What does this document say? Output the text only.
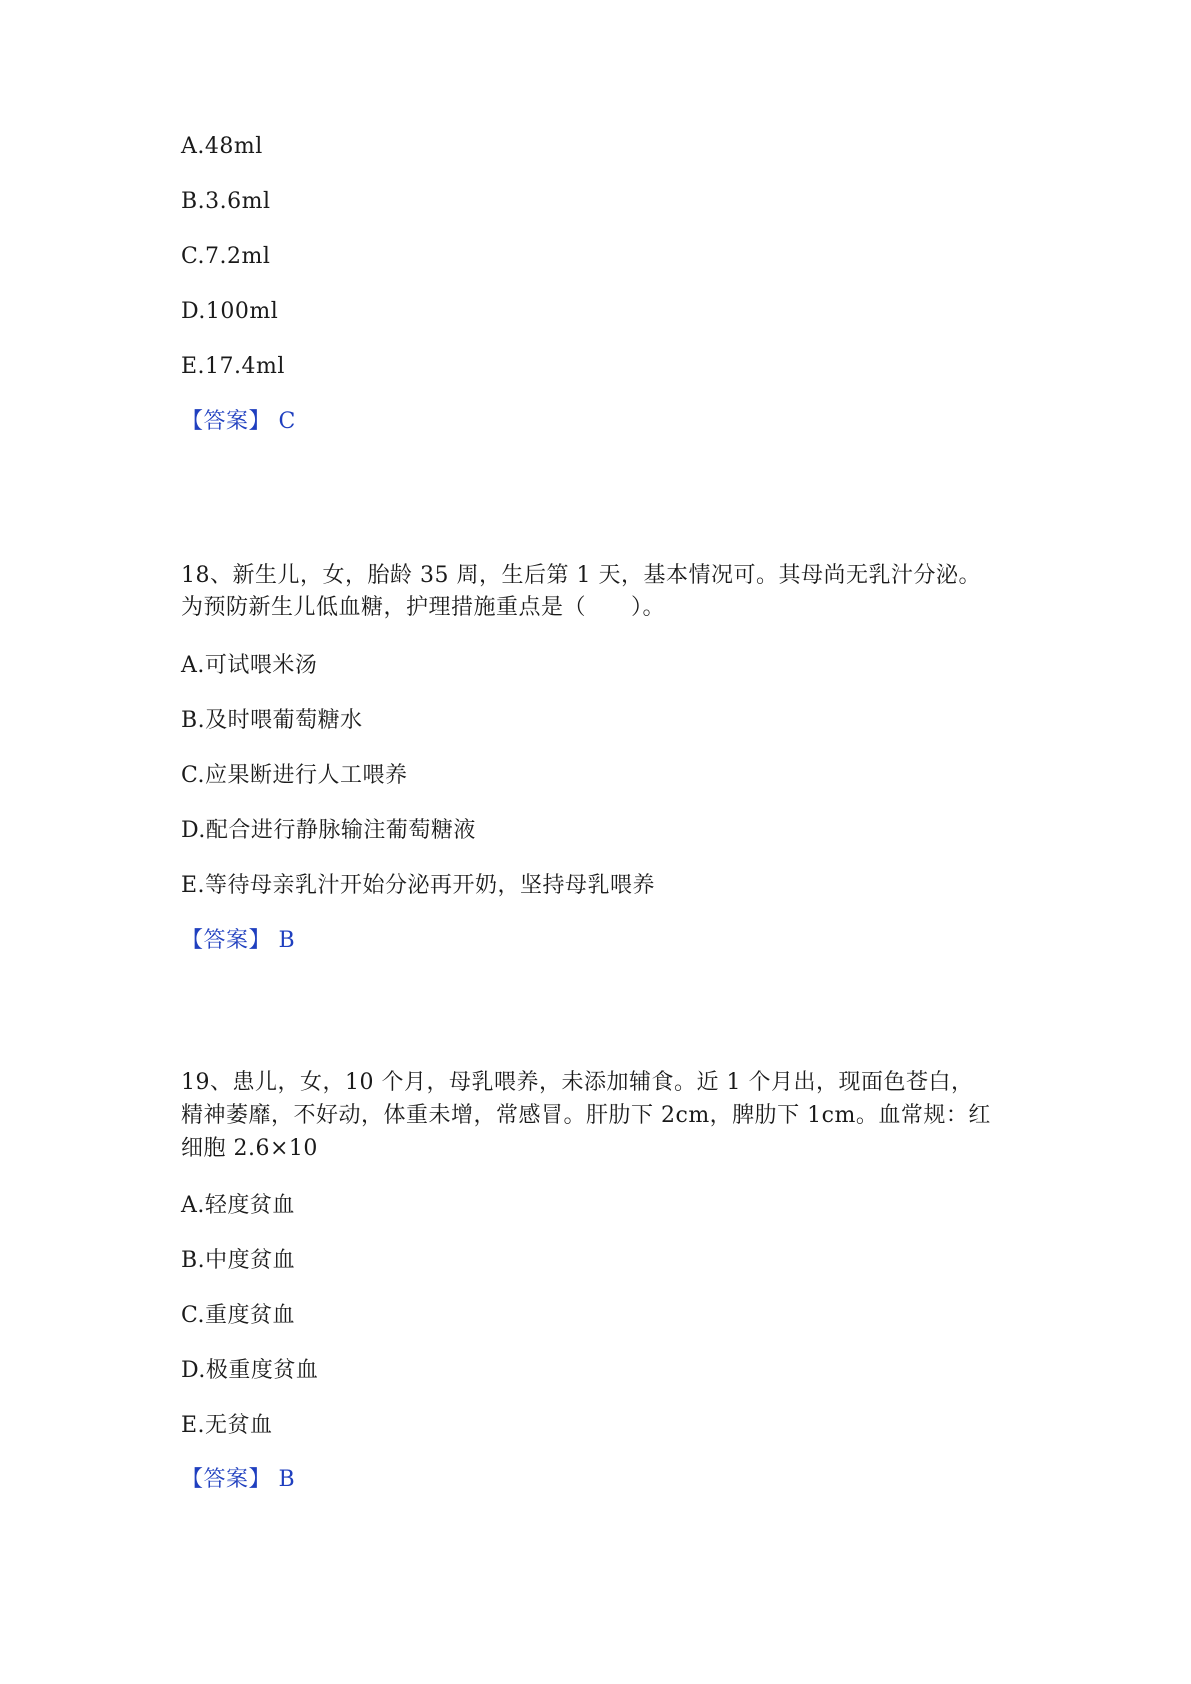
A.48ml
B.3.6ml
C.7.2ml
D.100ml
E.17.4ml
【答案】 C
18、新生儿，女，胎龄 35 周，生后第 1 天，基本情况可。其母尚无乳汁分泌。
为预防新生儿低血糖，护理措施重点是（　　）。
A.可试喂米汤
B.及时喂葡萄糖水
C.应果断进行人工喂养
D.配合进行静脉输注葡萄糖液
E.等待母亲乳汁开始分泌再开奶，坚持母乳喂养
【答案】 B
19、患儿，女，10 个月，母乳喂养，未添加辅食。近 1 个月出，现面色苍白，
精神萎靡，不好动，体重未增，常感冒。肝肋下 2cm，脾肋下 1cm。血常规：红
细胞 2.6×10
A.轻度贫血
B.中度贫血
C.重度贫血
D.极重度贫血
E.无贫血
【答案】 B
